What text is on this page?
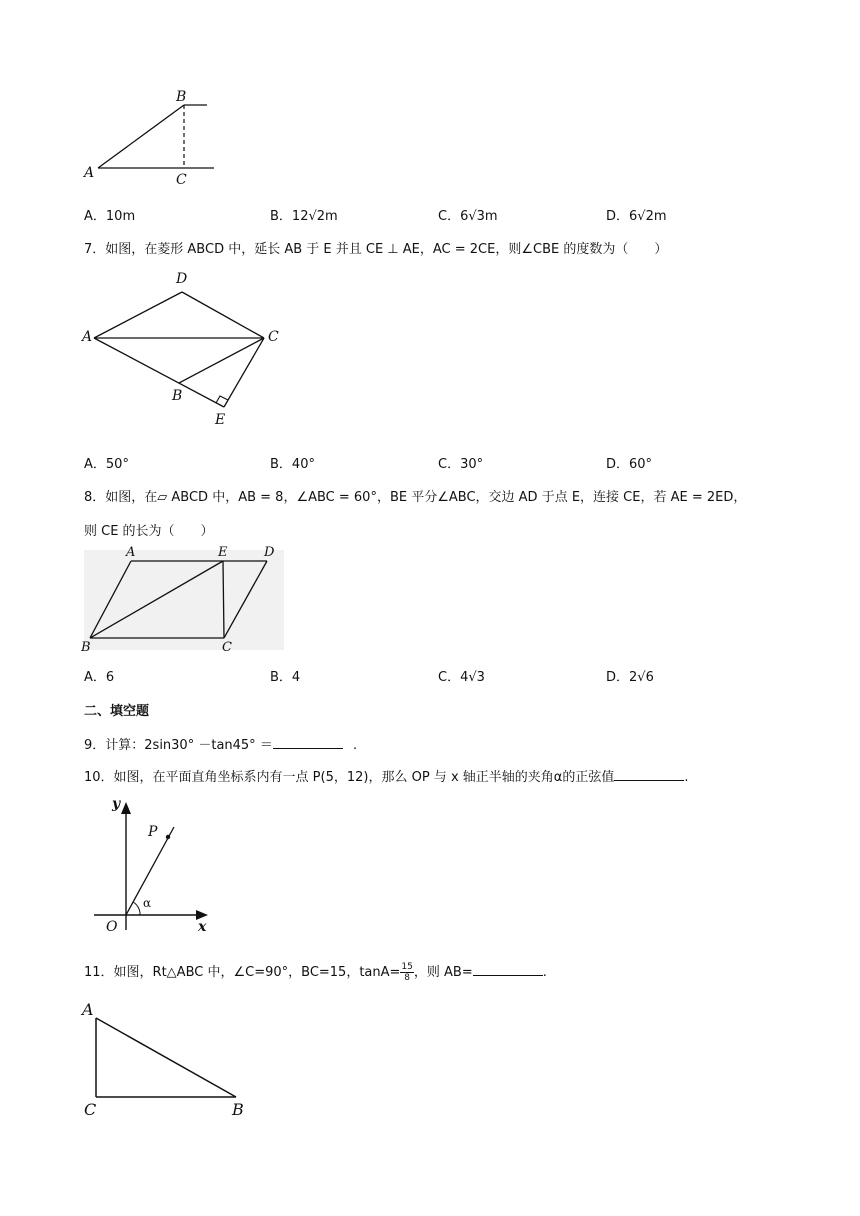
A
B
C
A．10m	B．12√2m	C．6√3m	D．6√2m
7．如图，在菱形 ABCD 中，延长 AB 于 E 并且 CE ⊥ AE，AC = 2CE，则∠CBE 的度数为（　　）
A
D
C
B
E
A．50°	B．40°	C．30°	D．60°
8．如图，在▱ ABCD 中，AB = 8，∠ABC = 60°，BE 平分∠ABC，交边 AD 于点 E，连接 CE，若 AE = 2ED，
则 CE 的长为（　　）
A	E	D
B	C
A．6	B．4	C．4√3	D．2√6
二、填空题
9．计算：2sin30° －tan45° ＝	.
10．如图，在平面直角坐标系内有一点 P(5，12)，那么 OP 与 x 轴正半轴的夹角α的正弦值	.
y
P
α
O	x
11．如图，Rt△ABC 中，∠C=90°，BC=15，$\tan A= \frac{15}{8}$ ，则 AB=	.
A
C	B
